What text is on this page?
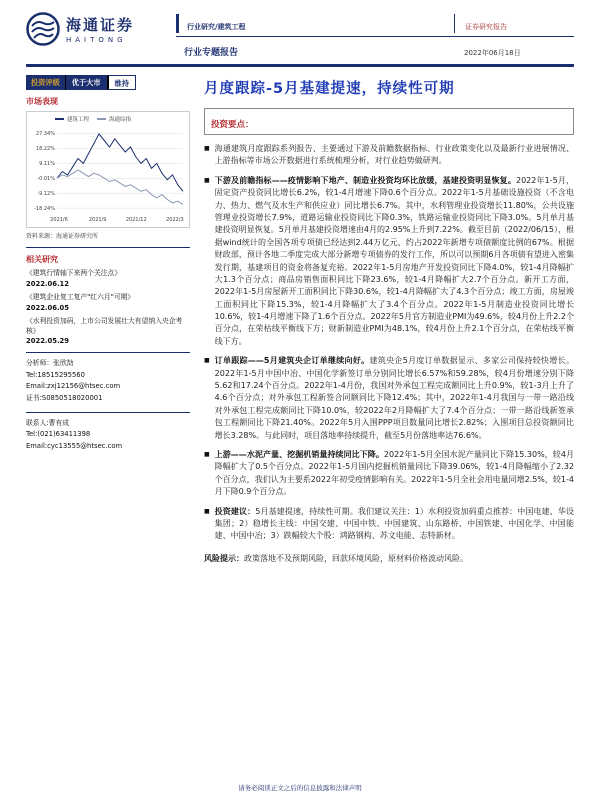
海通证券
HAITONG
行业研究/建筑工程	证券研究报告
行业专题报告	2022年06月18日
投资评级	优于大市	维持
市场表现
建筑工程	海通综指
27.34%
18.22%
9.11%
-0.01%
-9.12%
-18.24%
2021/6	2021/9	2021/12	2022/3
资料来源：海通证券研究所
相关研究
《建筑行情轴下来两个关注点》
2022.06.12
《建筑企业复工复产"红六月"可期》
2022.06.05
《水利投资加码，上市公司发展壮大有望纳入央企考核》
2022.05.29
分析师：张欣劼
Tel:18515295560
Email:zxj12156@htsec.com
证书:S0850518020001
联系人:曹有成
Tel:(021)63411398
Email:cyc13555@htsec.com
月度跟踪-5月基建提速，持续性可期
投资要点：
■ 海通建筑月度跟踪系列报告、主要通过下游及前瞻数据指标、行业政策变化以及最新行业进展情况、上游指标等市场公开数据进行系统梳理分析，对行业趋势做研判。

■ 下游及前瞻指标——疫情影响下地产、制造业投资均环比放缓，基建投资明显恢复。2022年1-5月，固定资产投资同比增长6.2%，较1-4月增速下降0.6个百分点。2022年1-5月基础设施投资（不含电力、热力、燃气及水生产和供应业）同比增长6.7%。其中，水利管理业投资增长11.80%，公共设施管理业投资增长7.9%，道路运输业投资同比下降0.3%，铁路运输业投资同比下降3.0%。5月单月基建投资明显恢复。5月单月基建投资增速由4月的2.95%上升到7.22%。截至目前（2022/06/15），根据wind统计的全国各项专项债已经达到2.44万亿元，约占2022年新增专项债额度比例的67%。根据财政部，预计各地二季度完成大部分新增专项债券的发行工作，所以可以预期6月各项债有望进入密集发行期，基建项目的资金将备复充裕。2022年1-5月房地产开发投资同比下降4.0%，较1-4月降幅扩大1.3个百分点；商品房销售面积同比下降23.6%，较1-4月降幅扩大2.7个百分点。新开工方面，2022年1-5月房屋新开工面积同比下降30.6%，较1-4月降幅扩大了4.3个百分点；竣工方面，房屋竣工面积同比下降15.3%，较1-4月降幅扩大了3.4个百分点。2022年1-5月制造业投资同比增长10.6%，较1-4月增速下降了1.6个百分点。2022年5月官方制造业PMI为49.6%，较4月份上升2.2个百分点，在荣枯线平衡线下方；财新制造业PMI为48.1%，较4月份上升2.1个百分点，在荣枯线平衡线下方。

■ 订单跟踪——5月建筑央企订单继续向好。建筑央企5月度订单数据显示、多家公司保持较快增长。2022年1-5月中国中冶、中国化学新签订单分别同比增长6.57%和59.28%，较4月份增速分别下降5.62和17.24个百分点。2022年1-4月份，我国对外承包工程完成额同比上升0.9%，较1-3月上升了4.6个百分点；对外承包工程新签合同额同比下降12.4%；其中，2022年1-4月我国与一带一路沿线对外承包工程完成额同比下降10.0%，较2022年2月降幅扩大了7.4个百分点；一带一路沿线新签承包工程额同比下降21.40%。2022年5月入围PPP项目数量同比增长2.82%；入围项目总投资额同比增长3.28%。与此同时，项目落地率持续提升，截至5月份落地率达76.6%。

■ 上游——水泥产量、挖掘机销量持续同比下降。2022年1-5月全国水泥产量同比下降15.30%，较4月降幅扩大了0.5个百分点。2022年1-5月国内挖掘机销量同比下降39.06%，较1-4月降幅缩小了2.32个百分点，我们认为主要系2022年初受疫情影响有关。2022年1-5月全社会用电量同增2.5%，较1-4月下降0.9个百分点。

■ 投资建议：5月基建提速，持续性可期。我们建议关注：1）水利投资加码重点推荐：中国电建、华设集团；2）稳增长主线：中国交建、中国中铁、中国建筑、山东路桥、中国铁建、中国化学、中国能建、中国中冶；3）跌幅较大个股：鸿路钢构、苏文电能、志特新材。

风险提示：政策落地不及预期风险，回款环境风险，原材料价格波动风险。

请务必阅读正文之后的信息披露和法律声明
